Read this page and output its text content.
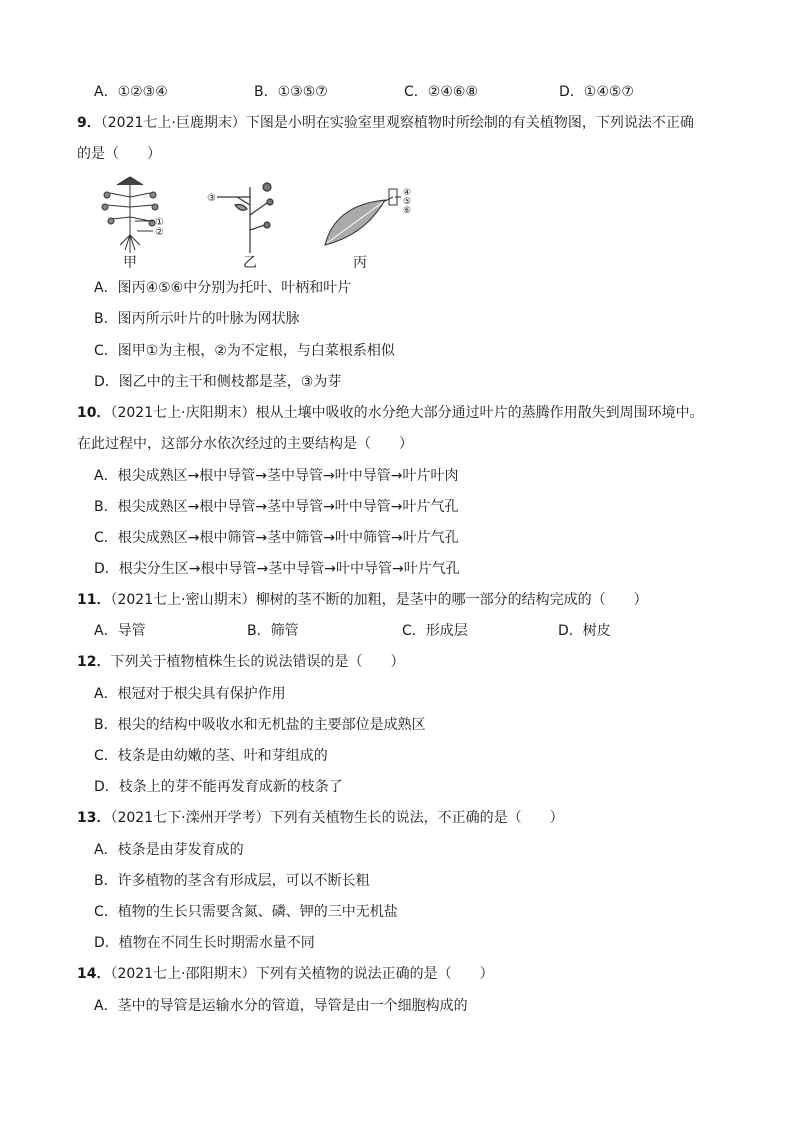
A．①②③④	B．①③⑤⑦	C．②④⑥⑧	D．①④⑤⑦
9．（2021七上·巨鹿期末）下图是小明在实验室里观察植物时所绘制的有关植物图，下列说法不正确
的是（　　）
①
②
③	④
⑤
⑥
甲	乙	丙
A．图丙④⑤⑥中分别为托叶、叶柄和叶片
B．图丙所示叶片的叶脉为网状脉
C．图甲①为主根，②为不定根，与白菜根系相似
D．图乙中的主干和侧枝都是茎，③为芽
10．（2021七上·庆阳期末）根从土壤中吸收的水分绝大部分通过叶片的蒸腾作用散失到周围环境中。
在此过程中，这部分水依次经过的主要结构是（　　）
A．根尖成熟区→根中导管→茎中导管→叶中导管→叶片叶肉
B．根尖成熟区→根中导管→茎中导管→叶中导管→叶片气孔
C．根尖成熟区→根中筛管→茎中筛管→叶中筛管→叶片气孔
D．根尖分生区→根中导管→茎中导管→叶中导管→叶片气孔
11．（2021七上·密山期末）柳树的茎不断的加粗，是茎中的哪一部分的结构完成的（　　）
A．导管	B．筛管	C．形成层	D．树皮
12．下列关于植物植株生长的说法错误的是（　　）
A．根冠对于根尖具有保护作用
B．根尖的结构中吸收水和无机盐的主要部位是成熟区
C．枝条是由幼嫩的茎、叶和芽组成的
D．枝条上的芽不能再发育成新的枝条了
13．（2021七下·滦州开学考）下列有关植物生长的说法，不正确的是（　　）
A．枝条是由芽发育成的
B．许多植物的茎含有形成层，可以不断长粗
C．植物的生长只需要含氮、磷、钾的三中无机盐
D．植物在不同生长时期需水量不同
14．（2021七上·邵阳期末）下列有关植物的说法正确的是（　　）
A．茎中的导管是运输水分的管道，导管是由一个细胞构成的
